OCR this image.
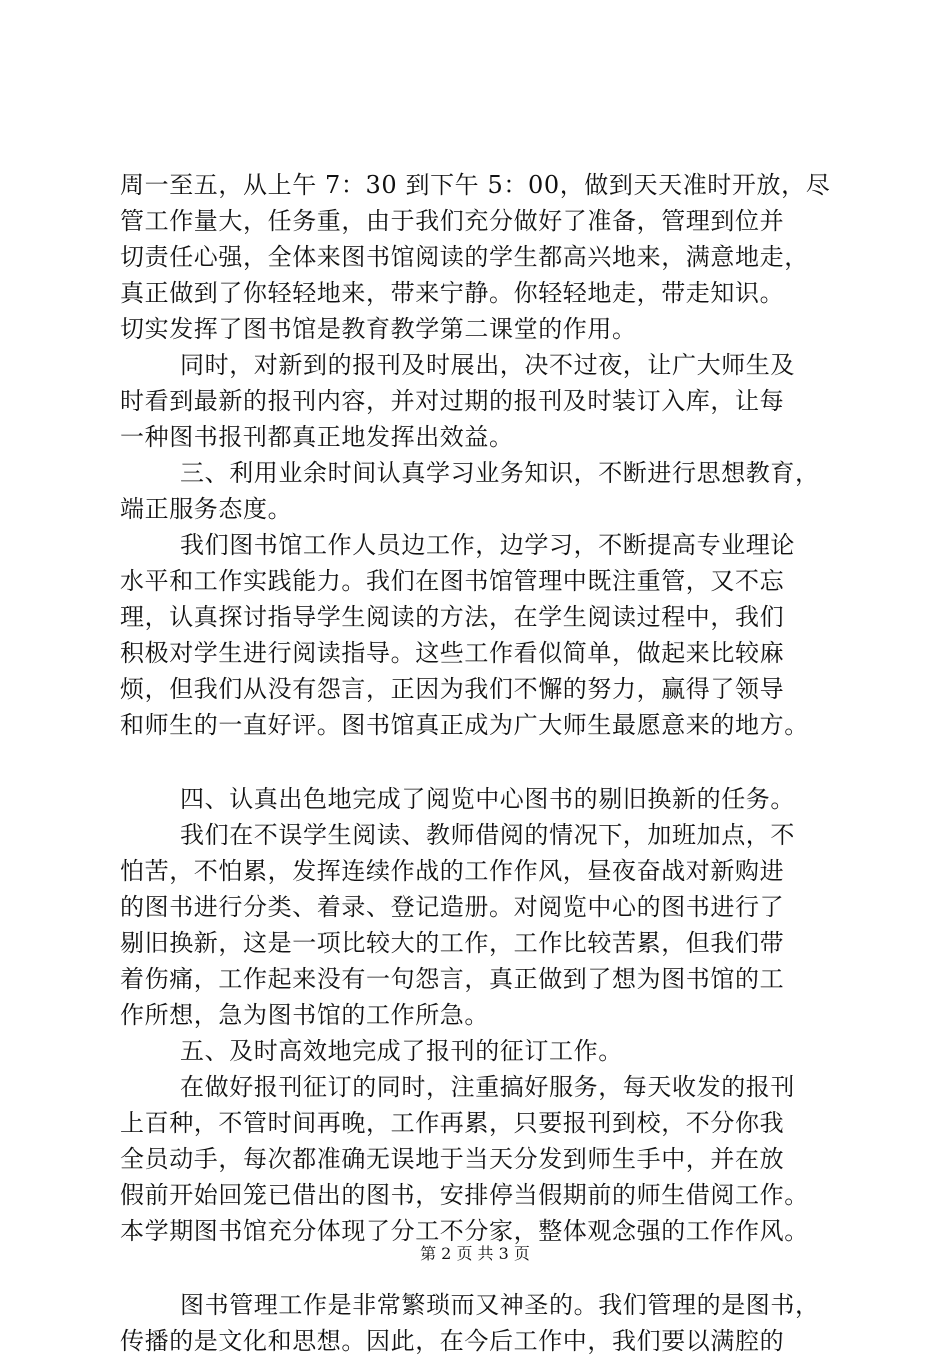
周一至五，从上午 7：30 到下午 5：00，做到天天准时开放，尽
管工作量大，任务重，由于我们充分做好了准备，管理到位并
切责任心强，全体来图书馆阅读的学生都高兴地来，满意地走，
真正做到了你轻轻地来，带来宁静。你轻轻地走，带走知识。
切实发挥了图书馆是教育教学第二课堂的作用。
同时，对新到的报刊及时展出，决不过夜，让广大师生及
时看到最新的报刊内容，并对过期的报刊及时装订入库，让每
一种图书报刊都真正地发挥出效益。
三、利用业余时间认真学习业务知识，不断进行思想教育，
端正服务态度。
我们图书馆工作人员边工作，边学习，不断提高专业理论
水平和工作实践能力。我们在图书馆管理中既注重管，又不忘
理，认真探讨指导学生阅读的方法，在学生阅读过程中，我们
积极对学生进行阅读指导。这些工作看似简单，做起来比较麻
烦，但我们从没有怨言，正因为我们不懈的努力，赢得了领导
和师生的一直好评。图书馆真正成为广大师生最愿意来的地方。
四、认真出色地完成了阅览中心图书的剔旧换新的任务。
我们在不误学生阅读、教师借阅的情况下，加班加点，不
怕苦，不怕累，发挥连续作战的工作作风，昼夜奋战对新购进
的图书进行分类、着录、登记造册。对阅览中心的图书进行了
剔旧换新，这是一项比较大的工作，工作比较苦累，但我们带
着伤痛，工作起来没有一句怨言，真正做到了想为图书馆的工
作所想，急为图书馆的工作所急。
五、及时高效地完成了报刊的征订工作。
在做好报刊征订的同时，注重搞好服务，每天收发的报刊
上百种，不管时间再晚，工作再累，只要报刊到校，不分你我
全员动手，每次都准确无误地于当天分发到师生手中，并在放
假前开始回笼已借出的图书，安排停当假期前的师生借阅工作。
本学期图书馆充分体现了分工不分家，整体观念强的工作作风。
图书管理工作是非常繁琐而又神圣的。我们管理的是图书，
传播的是文化和思想。因此，在今后工作中，我们要以满腔的
第 2 页 共 3 页
